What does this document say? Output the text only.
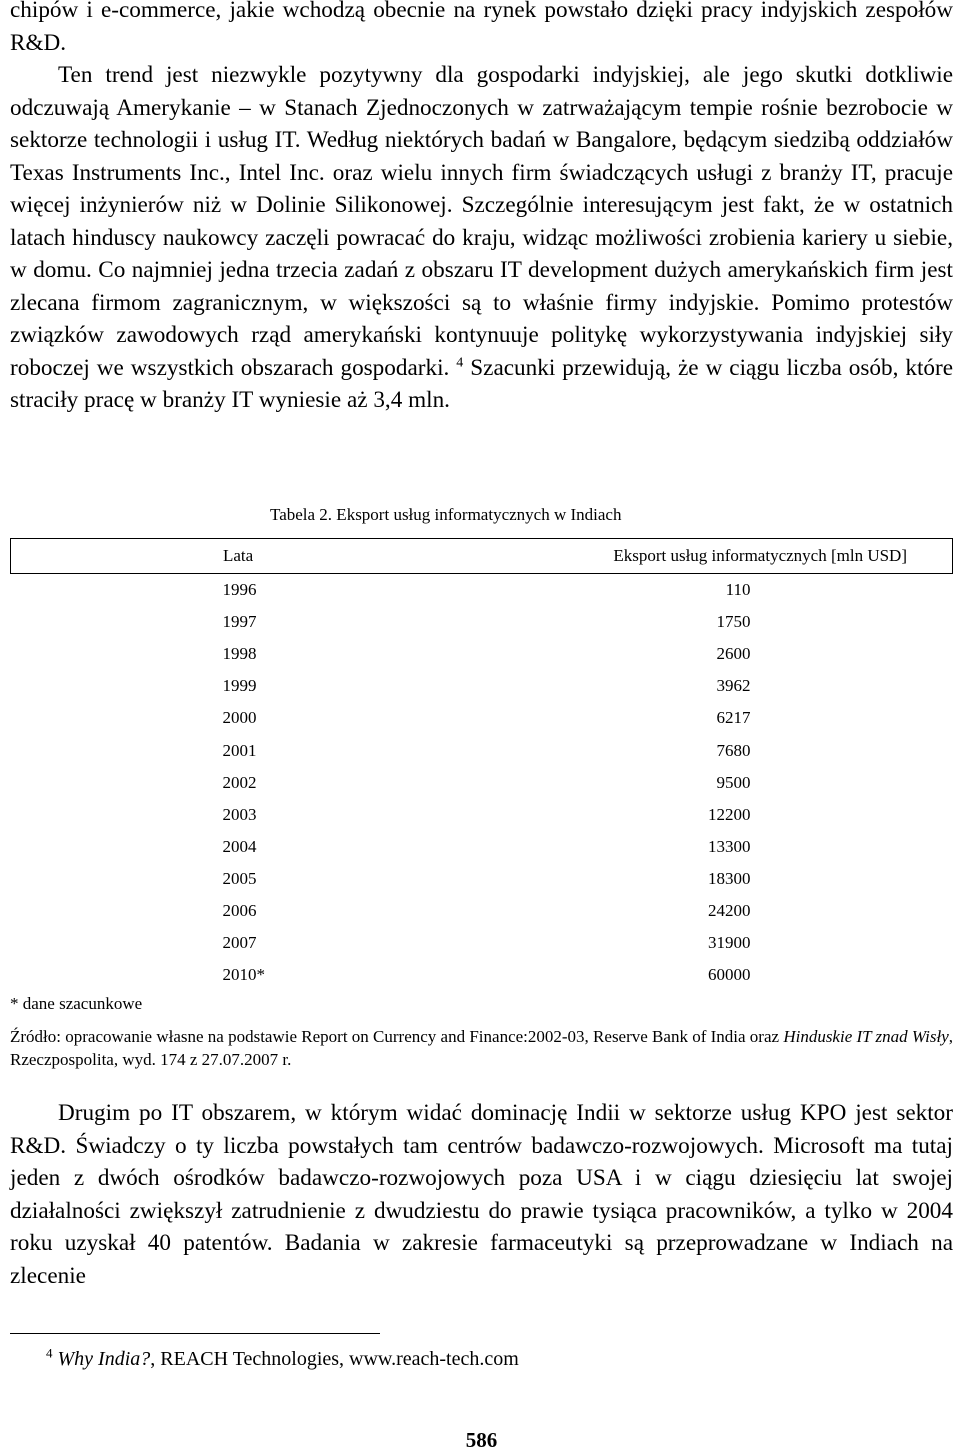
chipów i e-commerce, jakie wchodzą obecnie na rynek powstało dzięki pracy indyjskich zespołów R&D.
Ten trend jest niezwykle pozytywny dla gospodarki indyjskiej, ale jego skutki dotkliwie odczuwają Amerykanie – w Stanach Zjednoczonych w zatrważającym tempie rośnie bezrobocie w sektorze technologii i usług IT. Według niektórych badań w Bangalore, będącym siedzibą oddziałów Texas Instruments Inc., Intel Inc. oraz wielu innych firm świadczących usługi z branży IT, pracuje więcej inżynierów niż w Dolinie Silikonowej. Szczególnie interesującym jest fakt, że w ostatnich latach hinduscy naukowcy zaczęli powracać do kraju, widząc możliwości zrobienia kariery u siebie, w domu. Co najmniej jedna trzecia zadań z obszaru IT development dużych amerykańskich firm jest zlecana firmom zagranicznym, w większości są to właśnie firmy indyjskie. Pomimo protestów związków zawodowych rząd amerykański kontynuuje politykę wykorzystywania indyjskiej siły roboczej we wszystkich obszarach gospodarki. $^4$ Szacunki przewidują, że w ciągu liczba osób, które straciły pracę w branży IT wyniesie aż 3,4 mln.

Tabela 2. Eksport usług informatycznych w Indiach
Lata	Eksport usług informatycznych [mln USD]
1996	110
1997	1750
1998	2600
1999	3962
2000	6217
2001	7680
2002	9500
2003	12200
2004	13300
2005	18300
2006	24200
2007	31900
2010*	60000
* dane szacunkowe
Źródło: opracowanie własne na podstawie Report on Currency and Finance:2002-03, Reserve Bank of India oraz Hinduskie IT znad Wisły, Rzeczpospolita, wyd. 174 z 27.07.2007 r.

Drugim po IT obszarem, w którym widać dominację Indii w sektorze usług KPO jest sektor R&D. Świadczy o ty liczba powstałych tam centrów badawczo-rozwojowych. Microsoft ma tutaj jeden z dwóch ośrodków badawczo-rozwojowych poza USA i w ciągu dziesięciu lat swojej działalności zwiększył zatrudnienie z dwudziestu do prawie tysiąca pracowników, a tylko w 2004 roku uzyskał 40 patentów. Badania w zakresie farmaceutyki są przeprowadzane w Indiach na zlecenie

$^4$ Why India?, REACH Technologies, www.reach-tech.com
586
